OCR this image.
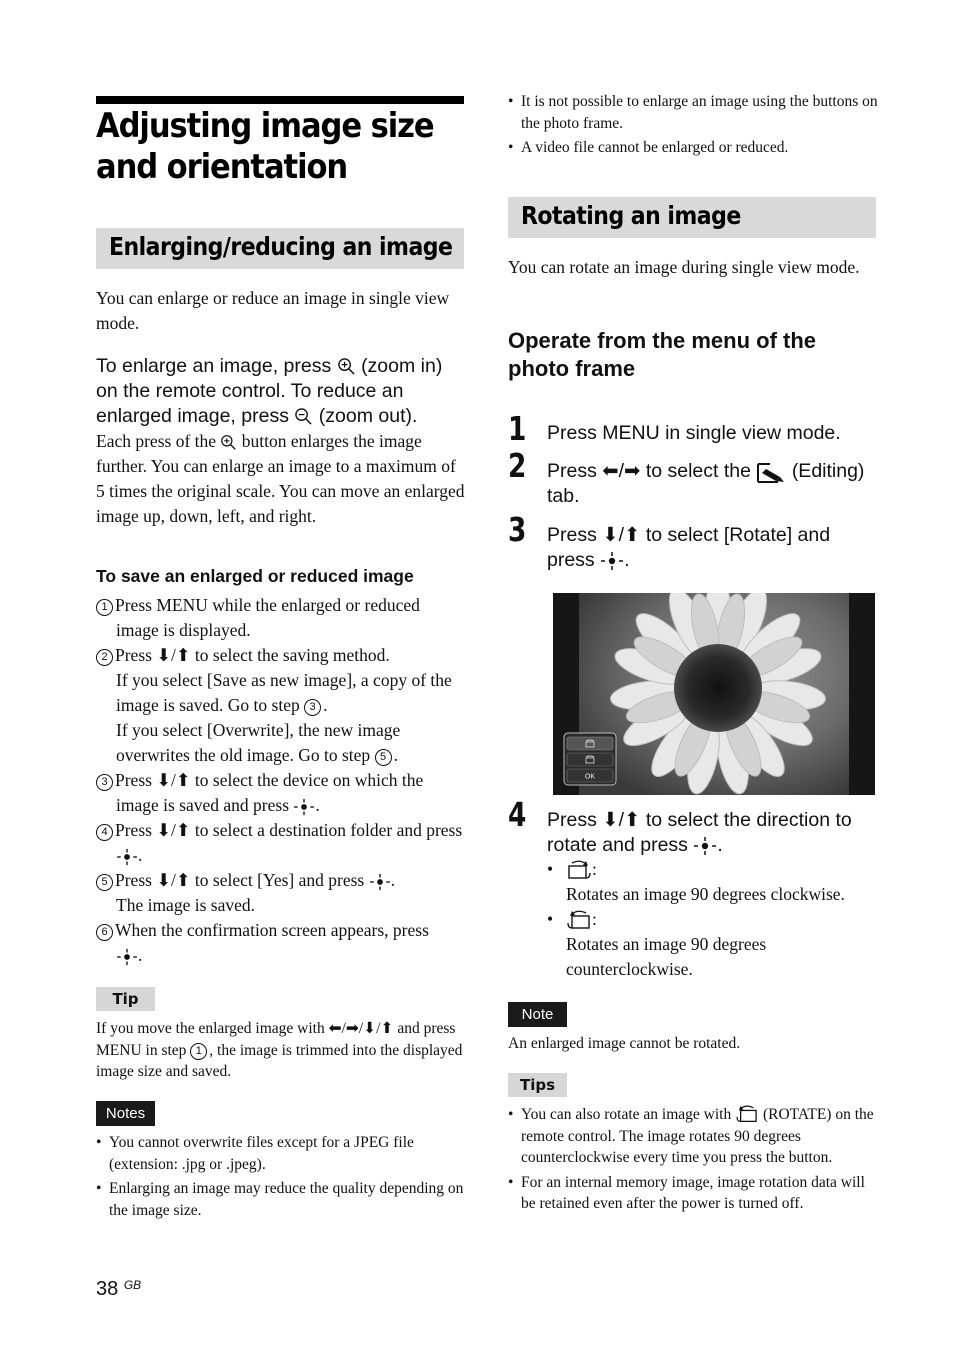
Adjusting image size
and orientation
Enlarging/reducing an image

You can enlarge or reduce an image in single view mode.

To enlarge an image, press (zoom in) on the remote control. To reduce an enlarged image, press (zoom out).
Each press of the button enlarges the image further. You can enlarge an image to a maximum of 5 times the original scale. You can move an enlarged image up, down, left, and right.
To save an enlarged or reduced image
1 Press MENU while the enlarged or reduced image is displayed.
2 Press ⬇/⬆ to select the saving method.
If you select [Save as new image], a copy of the image is saved. Go to step 3 .
If you select [Overwrite], the new image overwrites the old image. Go to step 5 .
3 Press ⬇/⬆ to select the device on which the image is saved and press .
4 Press ⬇/⬆ to select a destination folder and press .
5 Press ⬇/⬆ to select [Yes] and press .
The image is saved.
6 When the confirmation screen appears, press
.
Tip
If you move the enlarged image with ⬅/➡/⬇/⬆ and press MENU in step 1 , the image is trimmed into the displayed image size and saved.
Notes
• You cannot overwrite files except for a JPEG file (extension: .jpg or .jpeg).
• Enlarging an image may reduce the quality depending on the image size.
38 $^{GB}$
• It is not possible to enlarge an image using the buttons on the photo frame.
• A video file cannot be enlarged or reduced.
Rotating an image
You can rotate an image during single view mode.
Operate from the menu of the photo frame
1 Press MENU in single view mode.
2 Press ⬅/➡ to select the (Editing)
tab.
3 Press ⬇/⬆ to select [Rotate] and
press .
OK
4 Press ⬇/⬆ to select the direction to
rotate and press .
• :
Rotates an image 90 degrees clockwise.
• :
Rotates an image 90 degrees
counterclockwise.
Note
An enlarged image cannot be rotated.
Tips
• You can also rotate an image with (ROTATE) on the remote control. The image rotates 90 degrees counterclockwise every time you press the button.
• For an internal memory image, image rotation data will be retained even after the power is turned off.
